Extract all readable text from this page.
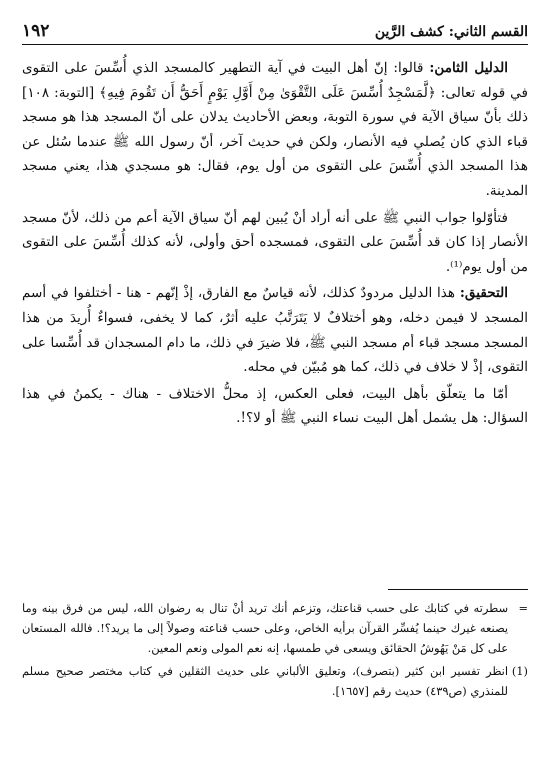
١٩٢	القسم الثاني: كشف الرَّين

الدليل الثامن: قالوا: إنّ أهل البيت في آية التطهير كالمسجد الذي أُسِّسَ على التقوى في قوله تعالى: ﴿لَّمَسْجِدٌ أُسِّسَ عَلَى التَّقْوَىٰ مِنْ أَوَّلِ يَوْمٍ أَحَقُّ أَن تَقُومَ فِيهِ﴾ [التوبة: ١٠٨] ذلك بأنّ سياق الآية في سورة التوبة، وبعض الأحاديث يدلان على أنّ المسجد هذا هو مسجد قباء الذي كان يُصلي فيه الأنصار، ولكن في حديث آخر، أنّ رسول الله ﷺ عندما سُئل عن هذا المسجد الذي أُسِّسَ على التقوى من أول يوم، فقال: هو مسجدي هذا، يعني مسجد المدينة.

فتأوّلوا جواب النبي ﷺ على أنه أراد أنْ يُبين لهم أنّ سياق الآية أعم من ذلك، لأنّ مسجد الأنصار إذا كان قد أُسِّسَ على التقوى، فمسجده أحق وأولى، لأنه كذلك أُسِّسَ على التقوى من أول يوم⁽¹⁾.

التحقيق: هذا الدليل مردودٌ كذلك، لأنه قياسٌ مع الفارق، إذْ إنّهم - هنا - أختلفوا في أسم المسجد لا فيمن دخله، وهو أختلافٌ لا يَتَرَتَّبُ عليه أثرٌ، كما لا يخفى، فسواءٌ أُريدَ من هذا المسجد مسجد قباء أم مسجد النبي ﷺ، فلا ضيرَ في ذلك، ما دام المسجدان قد أُسِّسا على التقوى، إذْ لا خلاف في ذلك، كما هو مُبيّن في محله.

أمّا ما يتعلّق بأهل البيت، فعلى العكس، إذ محلُّ الاختلاف - هناك - يكمنُ في هذا السؤال: هل يشمل أهل البيت نساء النبي ﷺ أو لا؟!.

=
سطرته في كتابك على حسب قناعتك، وتزعم أنك تريد أنْ تنال به رضوان الله، ليس من فرق بينه وما يصنعه غيرك حينما يُفسِّر القرآن برأيه الخاص، وعلى حسب قناعته وصولاً إلى ما يريد؟!. فالله المستعان على كل مَنْ يَهُوشُ الحقائق ويسعى في طمسها، إنه نعم المولى ونعم المعين.
(1)
انظر تفسير ابن كثير (بتصرف)، وتعليق الألباني على حديث الثقلين في كتاب مختصر صحيح مسلم للمنذري (ص٤٣٩) حديث رقم [١٦٥٧].
